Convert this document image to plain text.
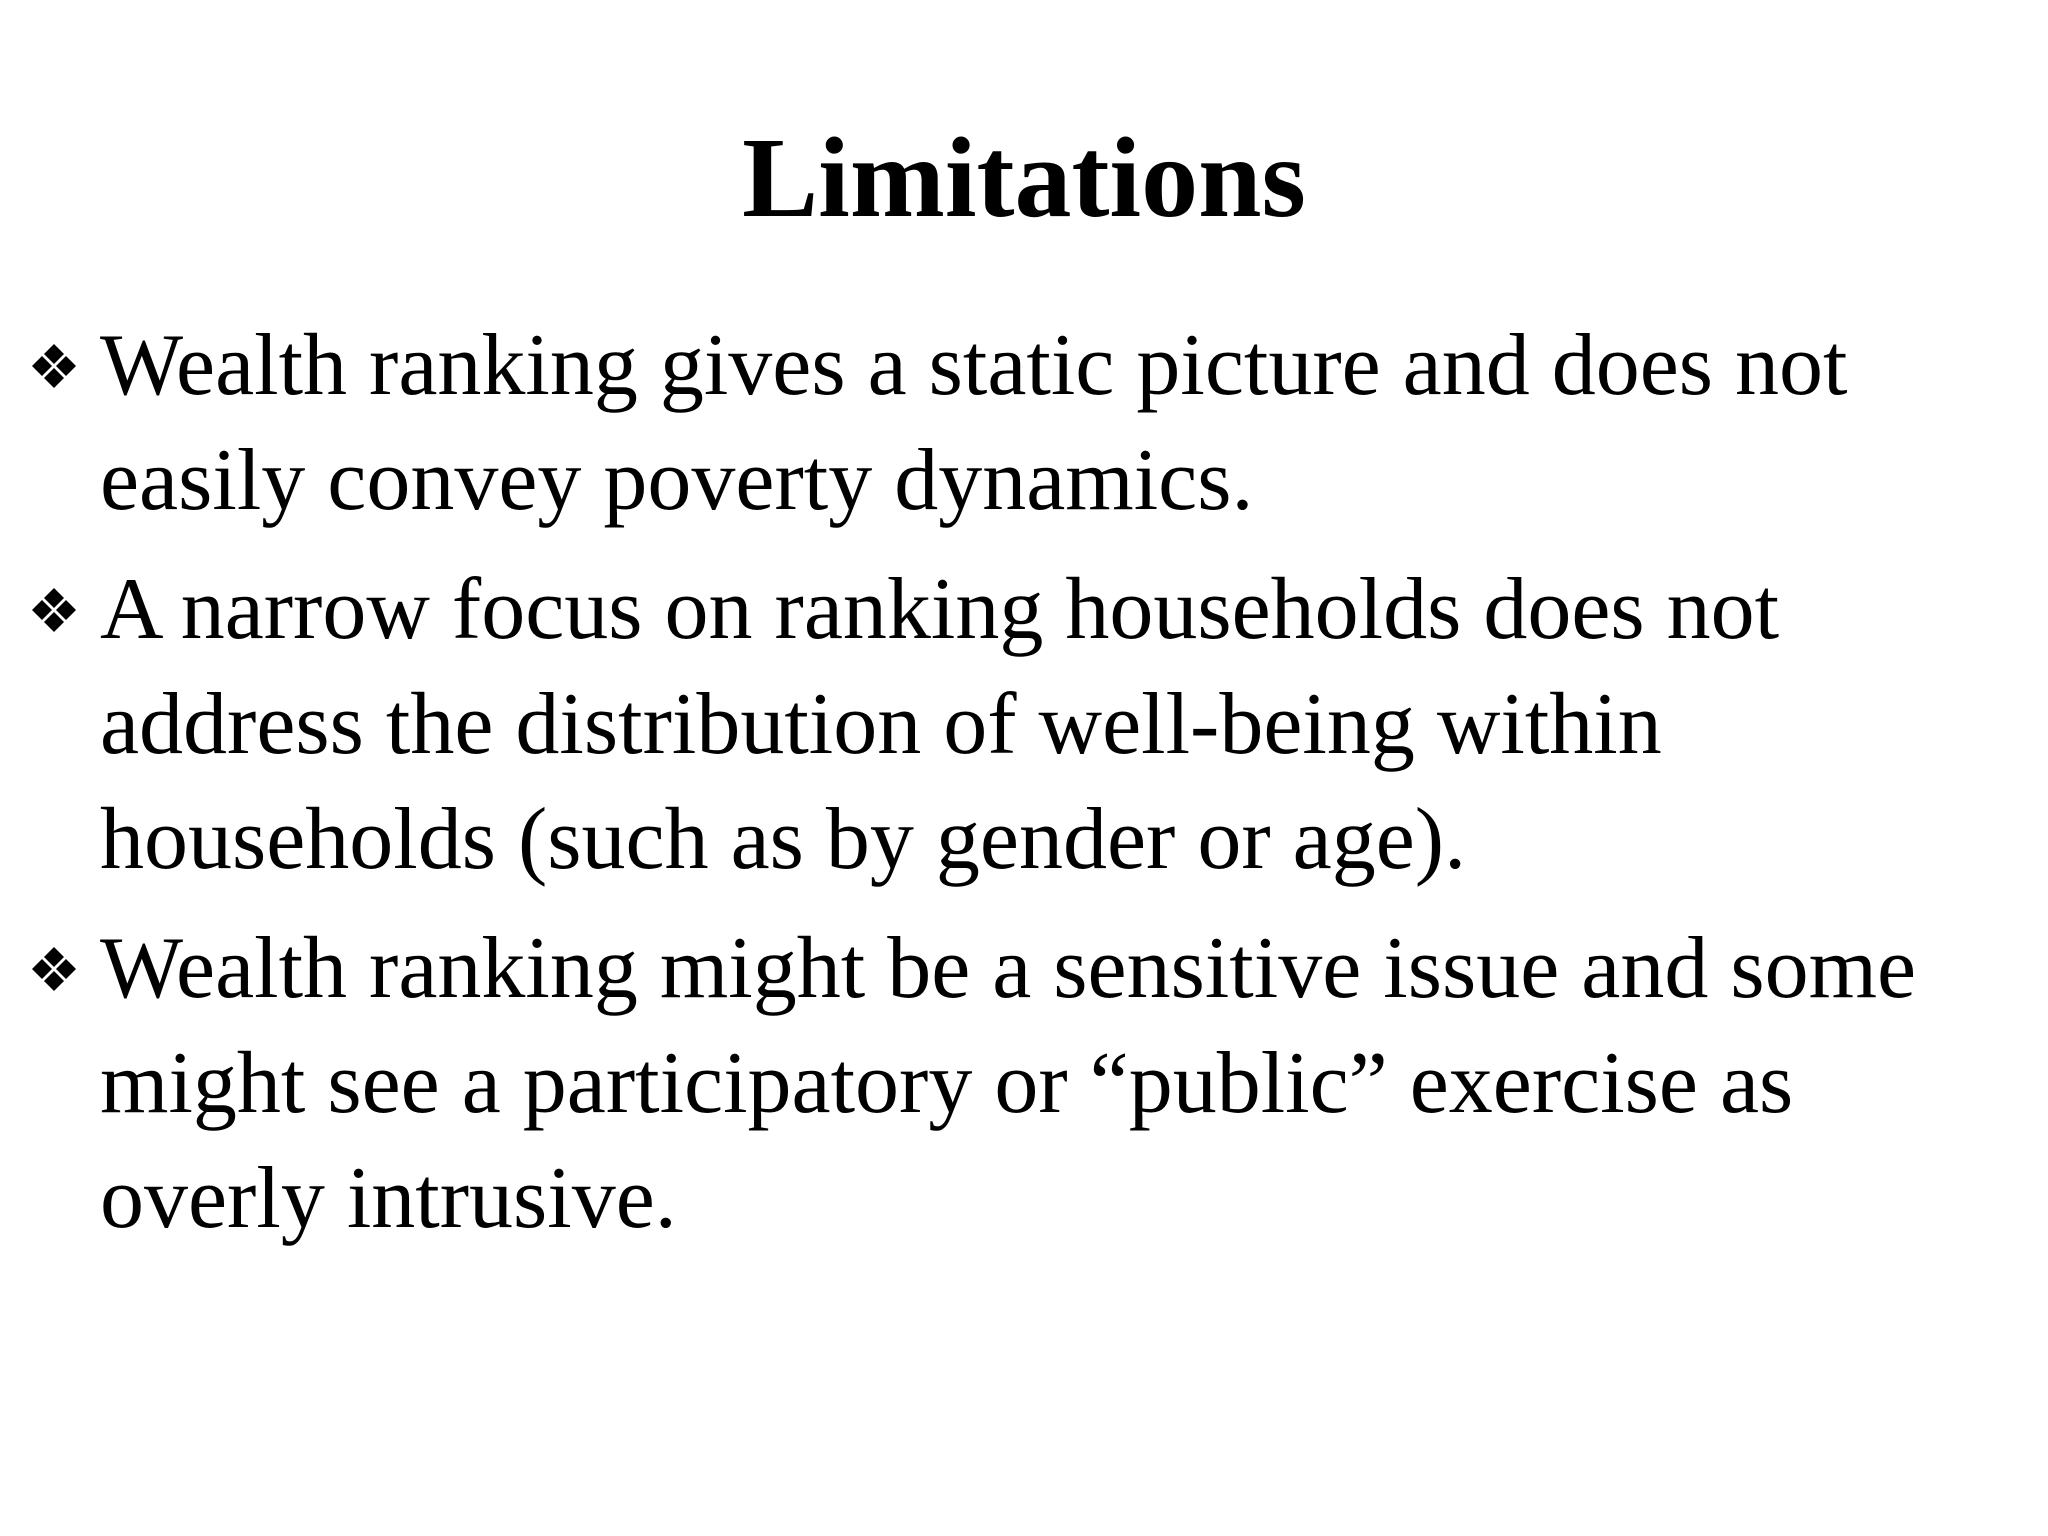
Limitations
Wealth ranking gives a static picture and does not easily convey poverty dynamics.
A narrow focus on ranking households does not address the distribution of well-being within households (such as by gender or age).
Wealth ranking might be a sensitive issue and some might see a participatory or “public” exercise as overly intrusive.
